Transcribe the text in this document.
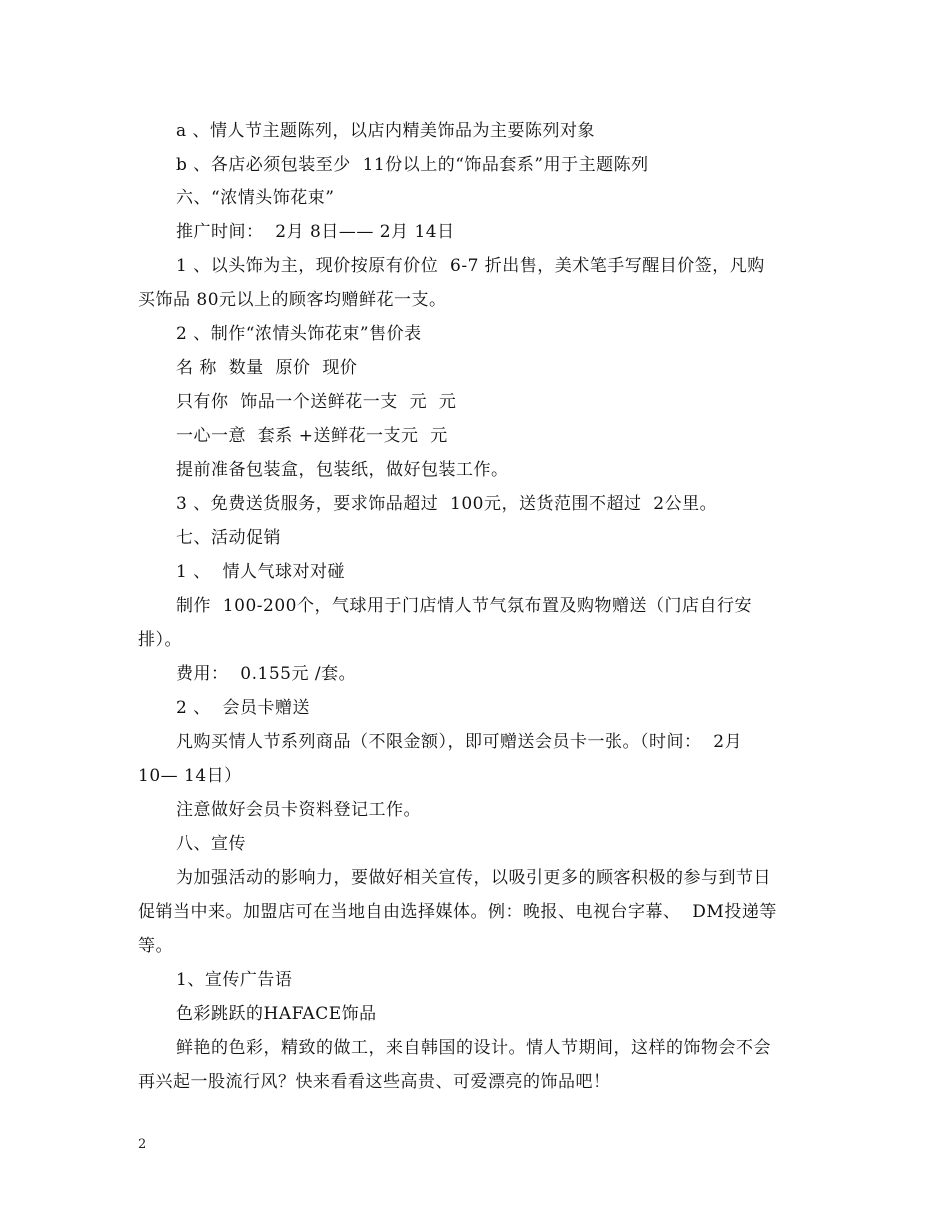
a 、情人节主题陈列，以店内精美饰品为主要陈列对象
b 、各店必须包装至少  11份以上的“饰品套系”用于主题陈列
六、“浓情头饰花束”
推广时间：  2月 8日—— 2月 14日
1 、以头饰为主，现价按原有价位  6-7 折出售，美术笔手写醒目价签，凡购
买饰品 80元以上的顾客均赠鲜花一支。
2 、制作“浓情头饰花束”售价表
名 称  数量  原价  现价
只有你  饰品一个送鲜花一支  元  元
一心一意  套系 +送鲜花一支元  元
提前准备包装盒，包装纸，做好包装工作。
3 、免费送货服务，要求饰品超过  100元，送货范围不超过  2公里。
七、活动促销
1 、  情人气球对对碰
制作  100-200个，气球用于门店情人节气氛布置及购物赠送（门店自行安
排）。
费用：  0.155元 /套。
2 、  会员卡赠送
凡购买情人节系列商品（不限金额），即可赠送会员卡一张。（时间：  2月
10— 14日）
注意做好会员卡资料登记工作。
八、宣传
为加强活动的影响力，要做好相关宣传，以吸引更多的顾客积极的参与到节日
促销当中来。加盟店可在当地自由选择媒体。例：晚报、电视台字幕、  DM投递等
等。
1、宣传广告语
色彩跳跃的HAFACE饰品
鲜艳的色彩，精致的做工，来自韩国的设计。情人节期间，这样的饰物会不会
再兴起一股流行风？快来看看这些高贵、可爱漂亮的饰品吧！
2
